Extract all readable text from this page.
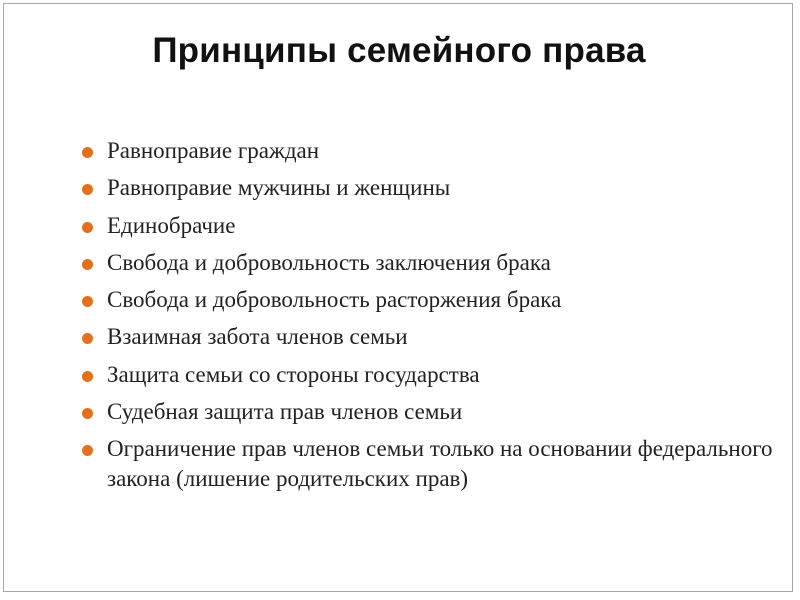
Принципы семейного права
Равноправие граждан
Равноправие мужчины и женщины
Единобрачие
Свобода и добровольность заключения брака
Свобода и добровольность расторжения брака
Взаимная забота членов семьи
Защита семьи со стороны государства
Судебная защита прав членов семьи
Ограничение прав членов семьи только на основании федерального закона (лишение родительских прав)
